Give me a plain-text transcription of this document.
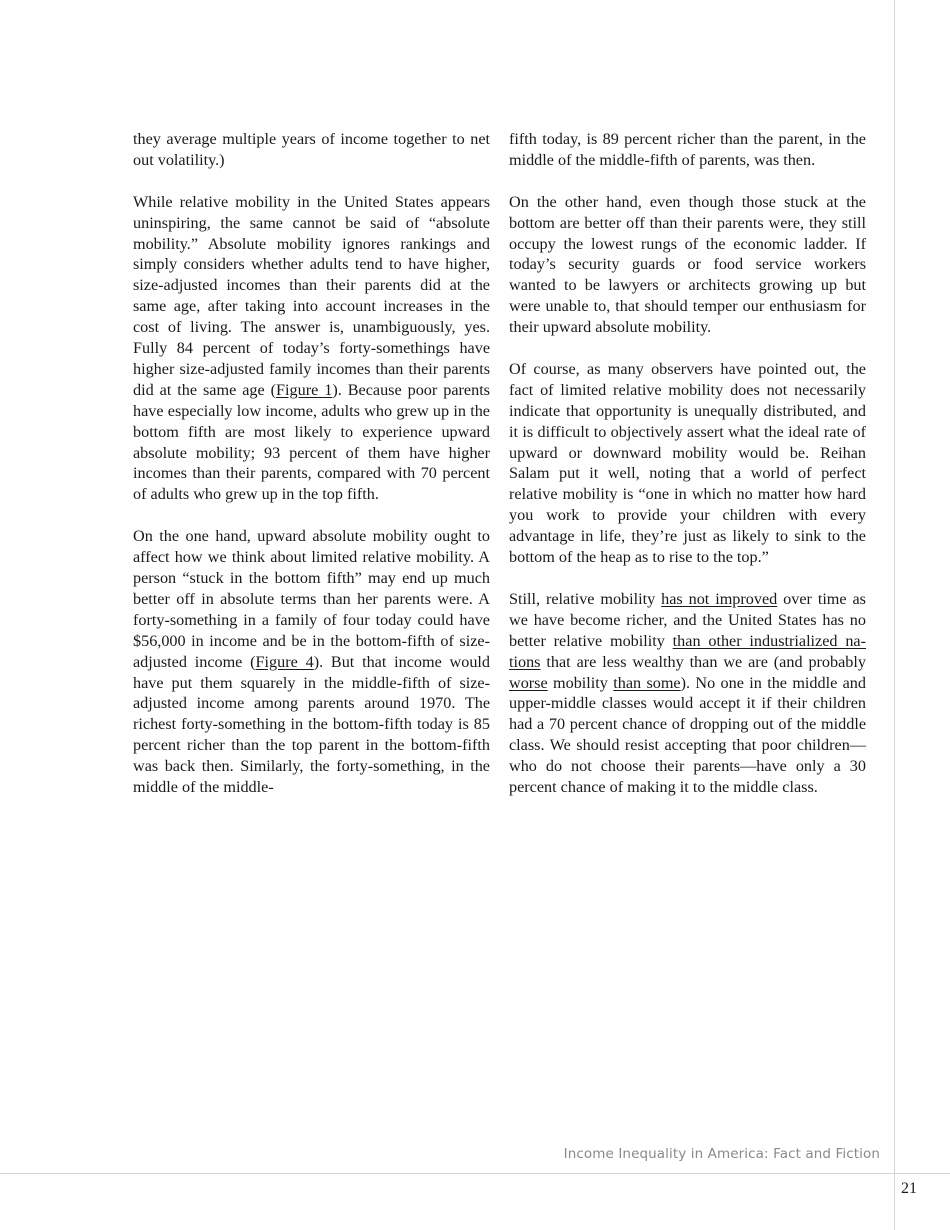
they average multiple years of income together to net out volatility.)

While relative mobility in the United States appears uninspiring, the same cannot be said of “absolute mobility.” Absolute mobility ignores rankings and simply considers whether adults tend to have higher, size-adjusted incomes than their parents did at the same age, after taking into account increases in the cost of living. The answer is, unambiguously, yes. Fully 84 percent of today’s forty-somethings have higher size-adjusted family incomes than their parents did at the same age (Figure 1). Because poor parents have especially low income, adults who grew up in the bottom fifth are most likely to experience upward absolute mobility; 93 percent of them have higher incomes than their parents, compared with 70 percent of adults who grew up in the top fifth.

On the one hand, upward absolute mobility ought to affect how we think about limited relative mobility. A person “stuck in the bottom fifth” may end up much better off in absolute terms than her parents were. A forty-something in a family of four today could have $56,000 in income and be in the bottom-fifth of size-adjusted income (Figure 4). But that income would have put them squarely in the middle-fifth of size-adjusted income among parents around 1970. The richest forty-something in the bottom-fifth today is 85 percent richer than the top parent in the bottom-fifth was back then. Similarly, the forty-something, in the middle of the middle-

fifth today, is 89 percent richer than the parent, in the middle of the middle-fifth of parents, was then.

On the other hand, even though those stuck at the bottom are better off than their parents were, they still occupy the lowest rungs of the economic ladder. If today’s security guards or food service workers wanted to be lawyers or architects growing up but were unable to, that should temper our enthusiasm for their upward absolute mobility.

Of course, as many observers have pointed out, the fact of limited relative mobility does not necessarily indicate that opportunity is unequally distributed, and it is difficult to objectively assert what the ideal rate of upward or downward mobility would be. Reihan Salam put it well, noting that a world of perfect relative mobility is “one in which no matter how hard you work to provide your children with every advantage in life, they’re just as likely to sink to the bottom of the heap as to rise to the top.”

Still, relative mobility has not improved over time as we have become richer, and the United States has no better relative mobility than other industrialized nations that are less wealthy than we are (and probably worse mobility than some). No one in the middle and upper-middle classes would accept it if their children had a 70 percent chance of dropping out of the middle class. We should resist accepting that poor children—who do not choose their parents—have only a 30 percent chance of making it to the middle class.

Income Inequality in America: Fact and Fiction
21
